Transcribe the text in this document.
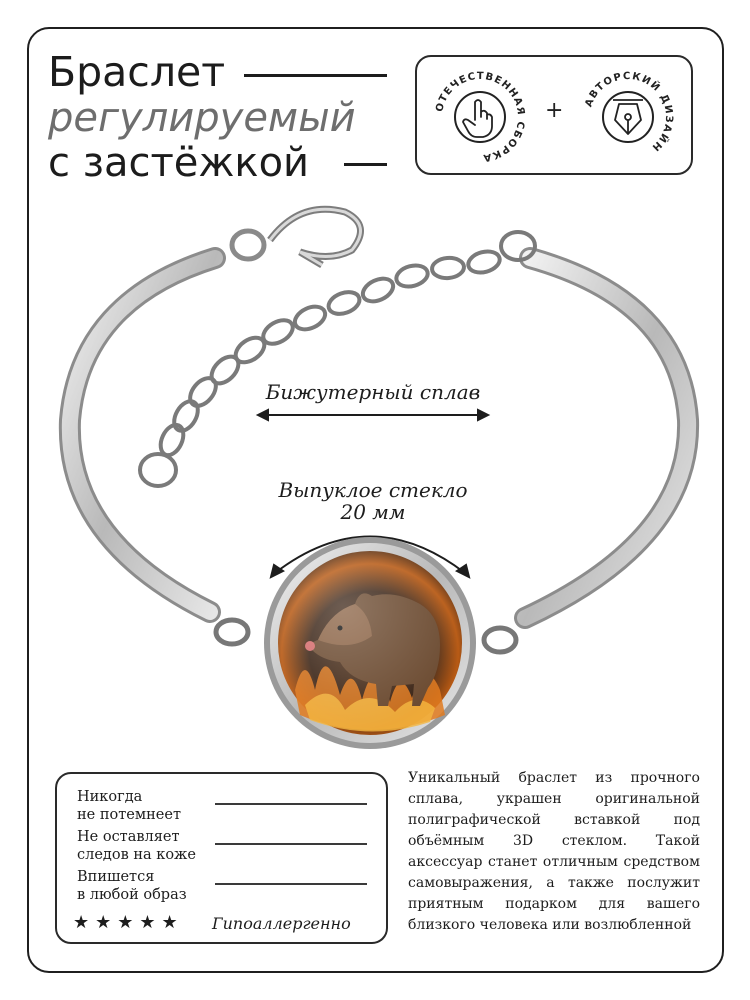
Браслет
регулируемый
с застёжкой
ОТЕЧЕСТВЕННАЯ СБОРКА
+ АВТОРСКИЙ ДИЗАЙН
Бижутерный сплав
Выпуклое стекло
20 мм
Никогда
не потемнеет
Не оставляет
следов на коже
Впишется
в любой образ
★★★★★ Гипоаллергенно
Уникальный браслет из прочного сплава, украшен оригинальной полиграфической вставкой под объёмным 3D стеклом. Такой аксессуар станет отличным средством самовыражения, а также послужит приятным подарком для вашего близкого человека или возлюбленной
